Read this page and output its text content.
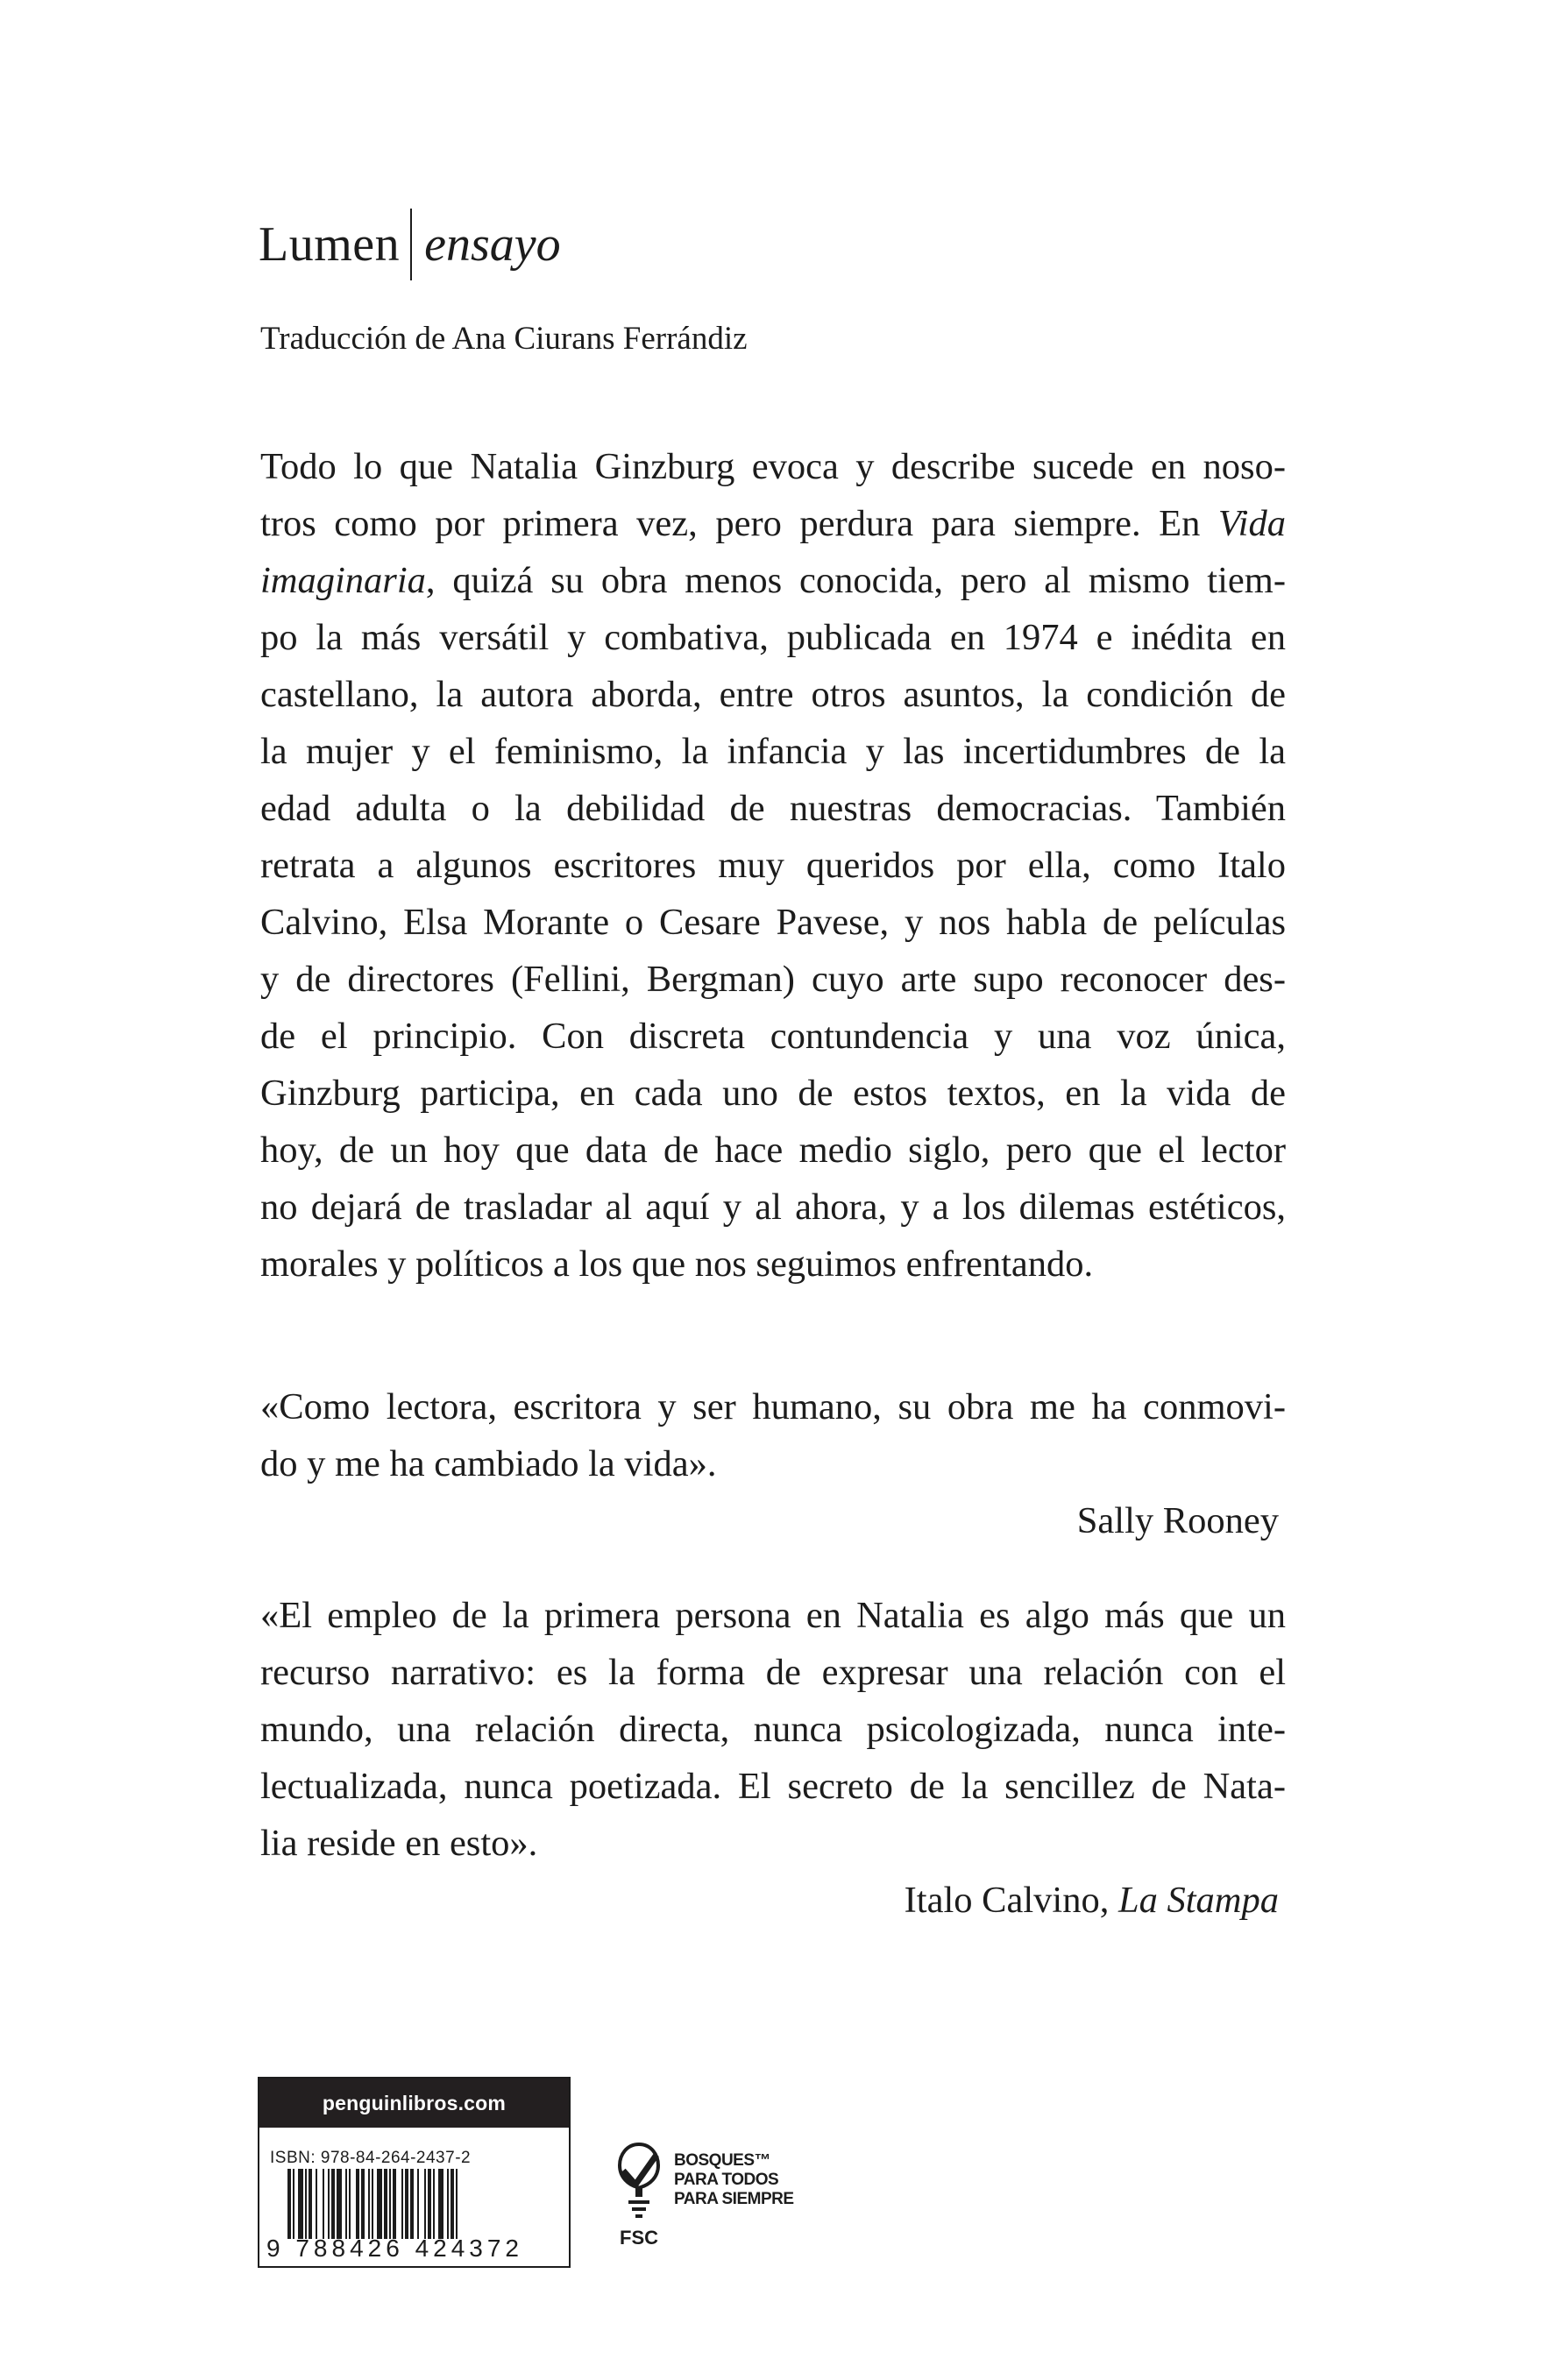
Lumen ensayo
Traducción de Ana Ciurans Ferrándiz
Todo lo que Natalia Ginzburg evoca y describe sucede en noso-
tros como por primera vez, pero perdura para siempre. En Vida
imaginaria, quizá su obra menos conocida, pero al mismo tiem-
po la más versátil y combativa, publicada en 1974 e inédita en
castellano, la autora aborda, entre otros asuntos, la condición de
la mujer y el feminismo, la infancia y las incertidumbres de la
edad adulta o la debilidad de nuestras democracias. También
retrata a algunos escritores muy queridos por ella, como Italo
Calvino, Elsa Morante o Cesare Pavese, y nos habla de películas
y de directores (Fellini, Bergman) cuyo arte supo reconocer des-
de el principio. Con discreta contundencia y una voz única,
Ginzburg participa, en cada uno de estos textos, en la vida de
hoy, de un hoy que data de hace medio siglo, pero que el lector
no dejará de trasladar al aquí y al ahora, y a los dilemas estéticos,
morales y políticos a los que nos seguimos enfrentando.
«Como lectora, escritora y ser humano, su obra me ha conmovi-
do y me ha cambiado la vida».
Sally Rooney
«El empleo de la primera persona en Natalia es algo más que un
recurso narrativo: es la forma de expresar una relación con el
mundo, una relación directa, nunca psicologizada, nunca inte-
lectualizada, nunca poetizada. El secreto de la sencillez de Nata-
lia reside en esto».
Italo Calvino, La Stampa
penguinlibros.com
ISBN: 978-84-264-2437-2
9 788426 424372	FSC
BOSQUES™
PARA TODOS
PARA SIEMPRE
